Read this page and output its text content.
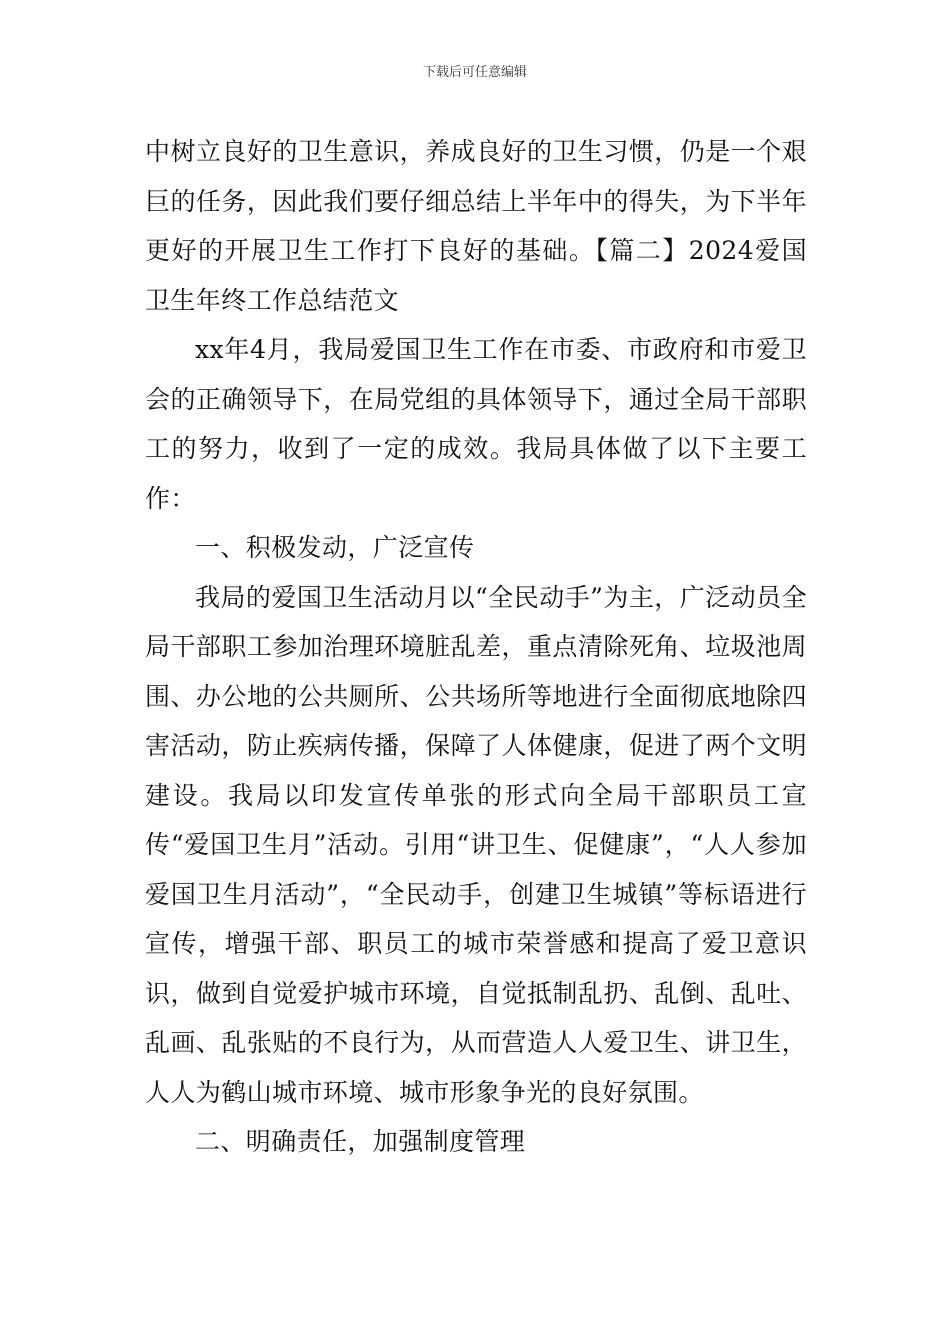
下载后可任意编辑

中树立良好的卫生意识，养成良好的卫生习惯，仍是一个艰巨的任务，因此我们要仔细总结上半年中的得失，为下半年更好的开展卫生工作打下良好的基础。【篇二】2024爱国卫生年终工作总结范文

xx年4月，我局爱国卫生工作在市委、市政府和市爱卫会的正确领导下，在局党组的具体领导下，通过全局干部职工的努力，收到了一定的成效。我局具体做了以下主要工作：

一、积极发动，广泛宣传

我局的爱国卫生活动月以“全民动手”为主，广泛动员全局干部职工参加治理环境脏乱差，重点清除死角、垃圾池周围、办公地的公共厕所、公共场所等地进行全面彻底地除四害活动，防止疾病传播，保障了人体健康，促进了两个文明建设。我局以印发宣传单张的形式向全局干部职员工宣传“爱国卫生月”活动。引用“讲卫生、促健康”，“人人参加爱国卫生月活动”，“全民动手，创建卫生城镇”等标语进行宣传，增强干部、职员工的城市荣誉感和提高了爱卫意识识，做到自觉爱护城市环境，自觉抵制乱扔、乱倒、乱吐、乱画、乱张贴的不良行为，从而营造人人爱卫生、讲卫生，人人为鹤山城市环境、城市形象争光的良好氛围。

二、明确责任，加强制度管理
